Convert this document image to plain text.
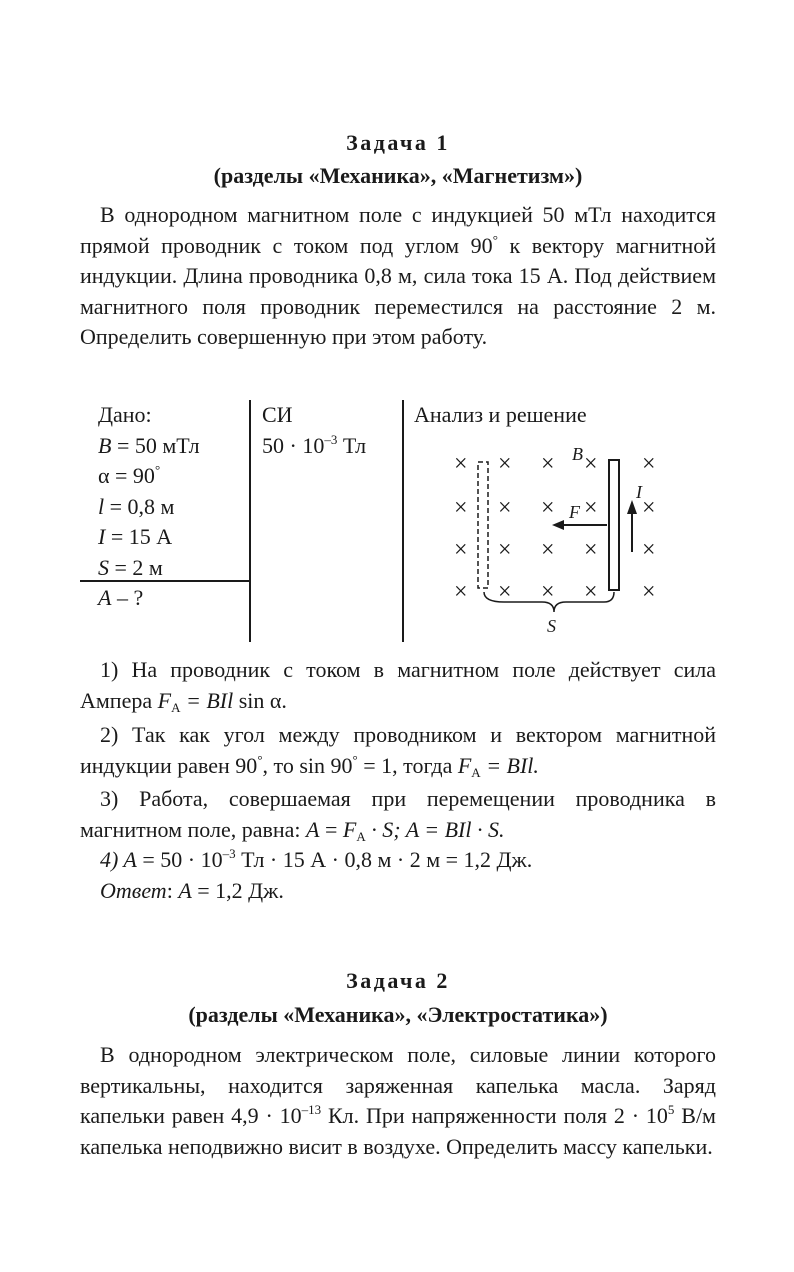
Задача 1
(разделы «Механика», «Магнетизм»)

В однородном магнитном поле с индукцией 50 мТл находится прямой проводник с током под углом 90° к вектору магнитной индукции. Длина проводника 0,8 м, сила тока 15 А. Под действием магнитного поля проводник переместился на расстояние 2 м. Определить совершенную при этом работу.

Дано:
B = 50 мТл
α = 90°
l = 0,8 м
I = 15 А
S = 2 м
A – ?
СИ
$50 \cdot 10^{-3}$ Тл
Анализ и решение
× × × × ×
× × × × ×
× × × × ×
× × × × ×
B
F
I
S

1) На проводник с током в магнитном поле действует сила Ампера $F_A$ = BIl sin α.

2) Так как угол между проводником и вектором магнитной индукции равен 90°, то sin 90° = 1, тогда $F_A$ = BIl.

3) Работа, совершаемая при перемещении проводника в магнитном поле, равна: $A = F_A \cdot S$; A = BIl · S.

4) $A = 50 \cdot 10^{-3}$ Тл · 15 А · 0,8 м · 2 м = 1,2 Дж.

Ответ: A = 1,2 Дж.

Задача 2
(разделы «Механика», «Электростатика»)

В однородном электрическом поле, силовые линии которого вертикальны, находится заряженная капелька масла. Заряд капельки равен $4,9 \cdot 10^{-13}$ Кл. При напряженности поля $2 \cdot 10^5$ В/м капелька неподвижно висит в воздухе. Определить массу капельки.
